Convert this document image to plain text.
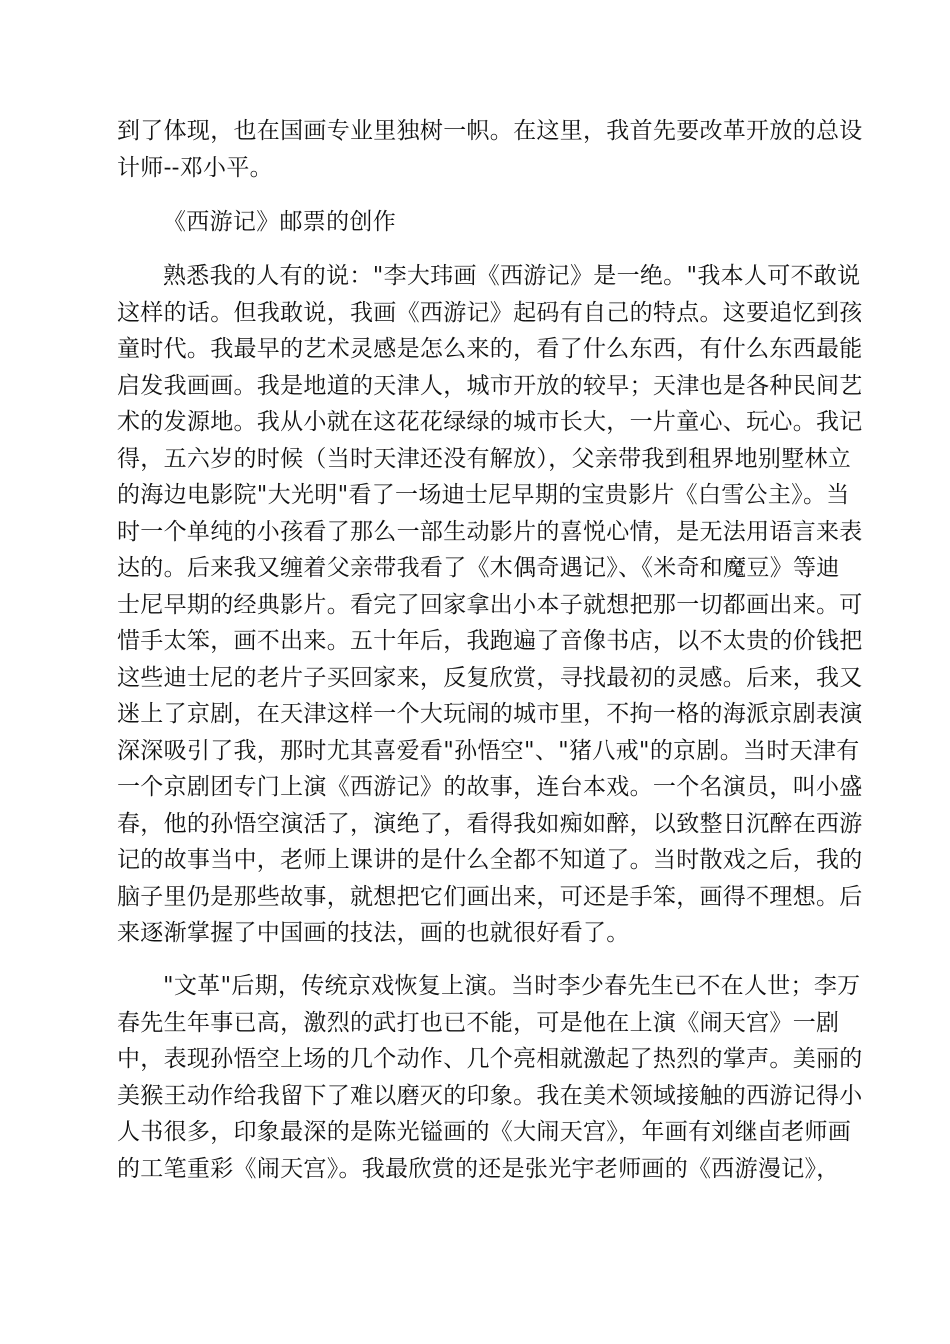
到了体现，也在国画专业里独树一帜。在这里，我首先要改革开放的总设
计师--邓小平。
《西游记》邮票的创作
熟悉我的人有的说："李大玮画《西游记》是一绝。"我本人可不敢说
这样的话。但我敢说，我画《西游记》起码有自己的特点。这要追忆到孩
童时代。我最早的艺术灵感是怎么来的，看了什么东西，有什么东西最能
启发我画画。我是地道的天津人，城市开放的较早；天津也是各种民间艺
术的发源地。我从小就在这花花绿绿的城市长大，一片童心、玩心。我记
得，五六岁的时候（当时天津还没有解放），父亲带我到租界地别墅林立
的海边电影院"大光明"看了一场迪士尼早期的宝贵影片《白雪公主》。当
时一个单纯的小孩看了那么一部生动影片的喜悦心情，是无法用语言来表
达的。后来我又缠着父亲带我看了《木偶奇遇记》、《米奇和魔豆》等迪
士尼早期的经典影片。看完了回家拿出小本子就想把那一切都画出来。可
惜手太笨，画不出来。五十年后，我跑遍了音像书店，以不太贵的价钱把
这些迪士尼的老片子买回家来，反复欣赏，寻找最初的灵感。后来，我又
迷上了京剧，在天津这样一个大玩闹的城市里，不拘一格的海派京剧表演
深深吸引了我，那时尤其喜爱看"孙悟空"、"猪八戒"的京剧。当时天津有
一个京剧团专门上演《西游记》的故事，连台本戏。一个名演员，叫小盛
春，他的孙悟空演活了，演绝了，看得我如痴如醉，以致整日沉醉在西游
记的故事当中，老师上课讲的是什么全都不知道了。当时散戏之后，我的
脑子里仍是那些故事，就想把它们画出来，可还是手笨，画得不理想。后
来逐渐掌握了中国画的技法，画的也就很好看了。
"文革"后期，传统京戏恢复上演。当时李少春先生已不在人世；李万
春先生年事已高，激烈的武打也已不能，可是他在上演《闹天宫》一剧
中，表现孙悟空上场的几个动作、几个亮相就激起了热烈的掌声。美丽的
美猴王动作给我留下了难以磨灭的印象。我在美术领域接触的西游记得小
人书很多，印象最深的是陈光镒画的《大闹天宫》，年画有刘继卣老师画
的工笔重彩《闹天宫》。我最欣赏的还是张光宇老师画的《西游漫记》，
